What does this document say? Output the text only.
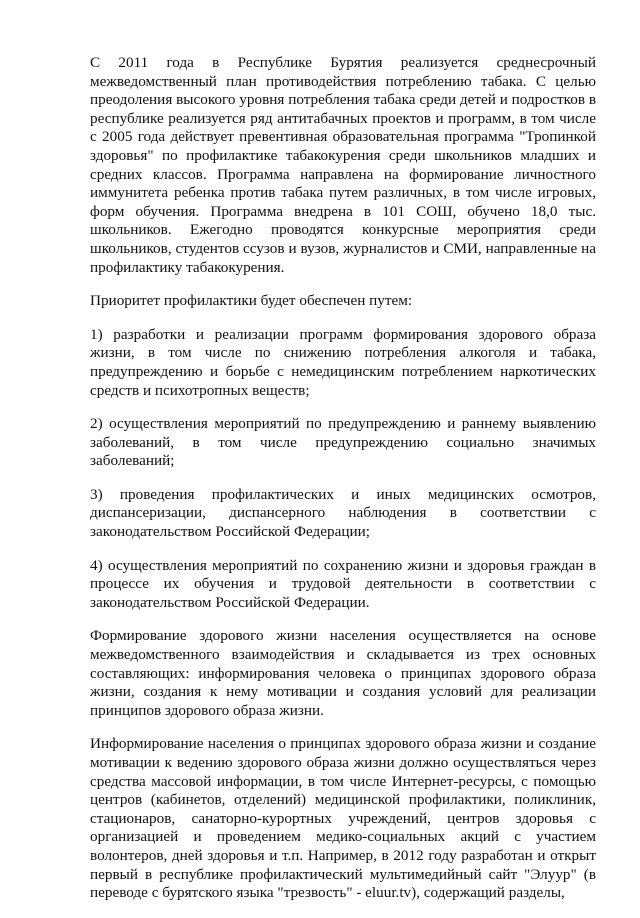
С 2011 года в Республике Бурятия реализуется среднесрочный межведомственный план противодействия потреблению табака. С целью преодоления высокого уровня потребления табака среди детей и подростков в республике реализуется ряд антитабачных проектов и программ, в том числе с 2005 года действует превентивная образовательная программа "Тропинкой здоровья" по профилактике табакокурения среди школьников младших и средних классов. Программа направлена на формирование личностного иммунитета ребенка против табака путем различных, в том числе игровых, форм обучения. Программа внедрена в 101 СОШ, обучено 18,0 тыс. школьников. Ежегодно проводятся конкурсные мероприятия среди школьников, студентов ссузов и вузов, журналистов и СМИ, направленные на профилактику табакокурения.

Приоритет профилактики будет обеспечен путем:

1) разработки и реализации программ формирования здорового образа жизни, в том числе по снижению потребления алкоголя и табака, предупреждению и борьбе с немедицинским потреблением наркотических средств и психотропных веществ;

2) осуществления мероприятий по предупреждению и раннему выявлению заболеваний, в том числе предупреждению социально значимых заболеваний;

3) проведения профилактических и иных медицинских осмотров, диспансеризации, диспансерного наблюдения в соответствии с законодательством Российской Федерации;

4) осуществления мероприятий по сохранению жизни и здоровья граждан в процессе их обучения и трудовой деятельности в соответствии с законодательством Российской Федерации.

Формирование здорового жизни населения осуществляется на основе межведомственного взаимодействия и складывается из трех основных составляющих: информирования человека о принципах здорового образа жизни, создания к нему мотивации и создания условий для реализации принципов здорового образа жизни.

Информирование населения о принципах здорового образа жизни и создание мотивации к ведению здорового образа жизни должно осуществляться через средства массовой информации, в том числе Интернет-ресурсы, с помощью центров (кабинетов, отделений) медицинской профилактики, поликлиник, стационаров, санаторно-курортных учреждений, центров здоровья с организацией и проведением медико-социальных акций с участием волонтеров, дней здоровья и т.п. Например, в 2012 году разработан и открыт первый в республике профилактический мультимедийный сайт "Элуур" (в переводе с бурятского языка "трезвость" - eluur.tv), содержащий разделы,
